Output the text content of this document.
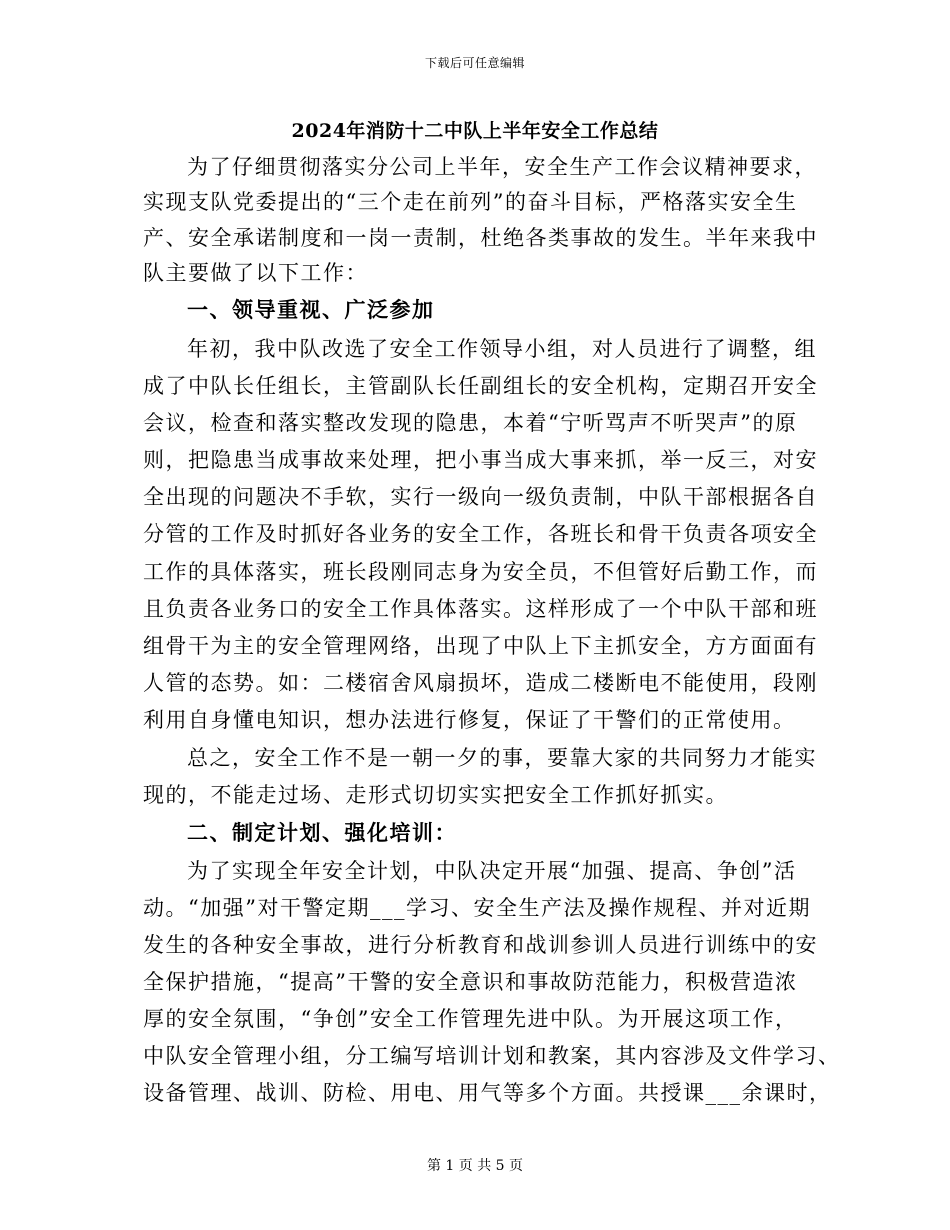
下载后可任意编辑
2024年消防十二中队上半年安全工作总结
为了仔细贯彻落实分公司上半年，安全生产工作会议精神要求，
实现支队党委提出的“三个走在前列”的奋斗目标，严格落实安全生
产、安全承诺制度和一岗一责制，杜绝各类事故的发生。半年来我中
队主要做了以下工作：
一、领导重视、广泛参加
年初，我中队改选了安全工作领导小组，对人员进行了调整，组
成了中队长任组长，主管副队长任副组长的安全机构，定期召开安全
会议，检查和落实整改发现的隐患，本着“宁听骂声不听哭声”的原
则，把隐患当成事故来处理，把小事当成大事来抓，举一反三，对安
全出现的问题决不手软，实行一级向一级负责制，中队干部根据各自
分管的工作及时抓好各业务的安全工作，各班长和骨干负责各项安全
工作的具体落实，班长段刚同志身为安全员，不但管好后勤工作，而
且负责各业务口的安全工作具体落实。这样形成了一个中队干部和班
组骨干为主的安全管理网络，出现了中队上下主抓安全，方方面面有
人管的态势。如：二楼宿舍风扇损坏，造成二楼断电不能使用，段刚
利用自身懂电知识，想办法进行修复，保证了干警们的正常使用。
总之，安全工作不是一朝一夕的事，要靠大家的共同努力才能实
现的，不能走过场、走形式切切实实把安全工作抓好抓实。
二、制定计划、强化培训：
为了实现全年安全计划，中队决定开展“加强、提高、争创”活
动。“加强”对干警定期___学习、安全生产法及操作规程、并对近期
发生的各种安全事故，进行分析教育和战训参训人员进行训练中的安
全保护措施，“提高”干警的安全意识和事故防范能力，积极营造浓
厚的安全氛围，“争创”安全工作管理先进中队。为开展这项工作，
中队安全管理小组，分工编写培训计划和教案，其内容涉及文件学习、
设备管理、战训、防检、用电、用气等多个方面。共授课___余课时，
第 1 页 共 5 页
